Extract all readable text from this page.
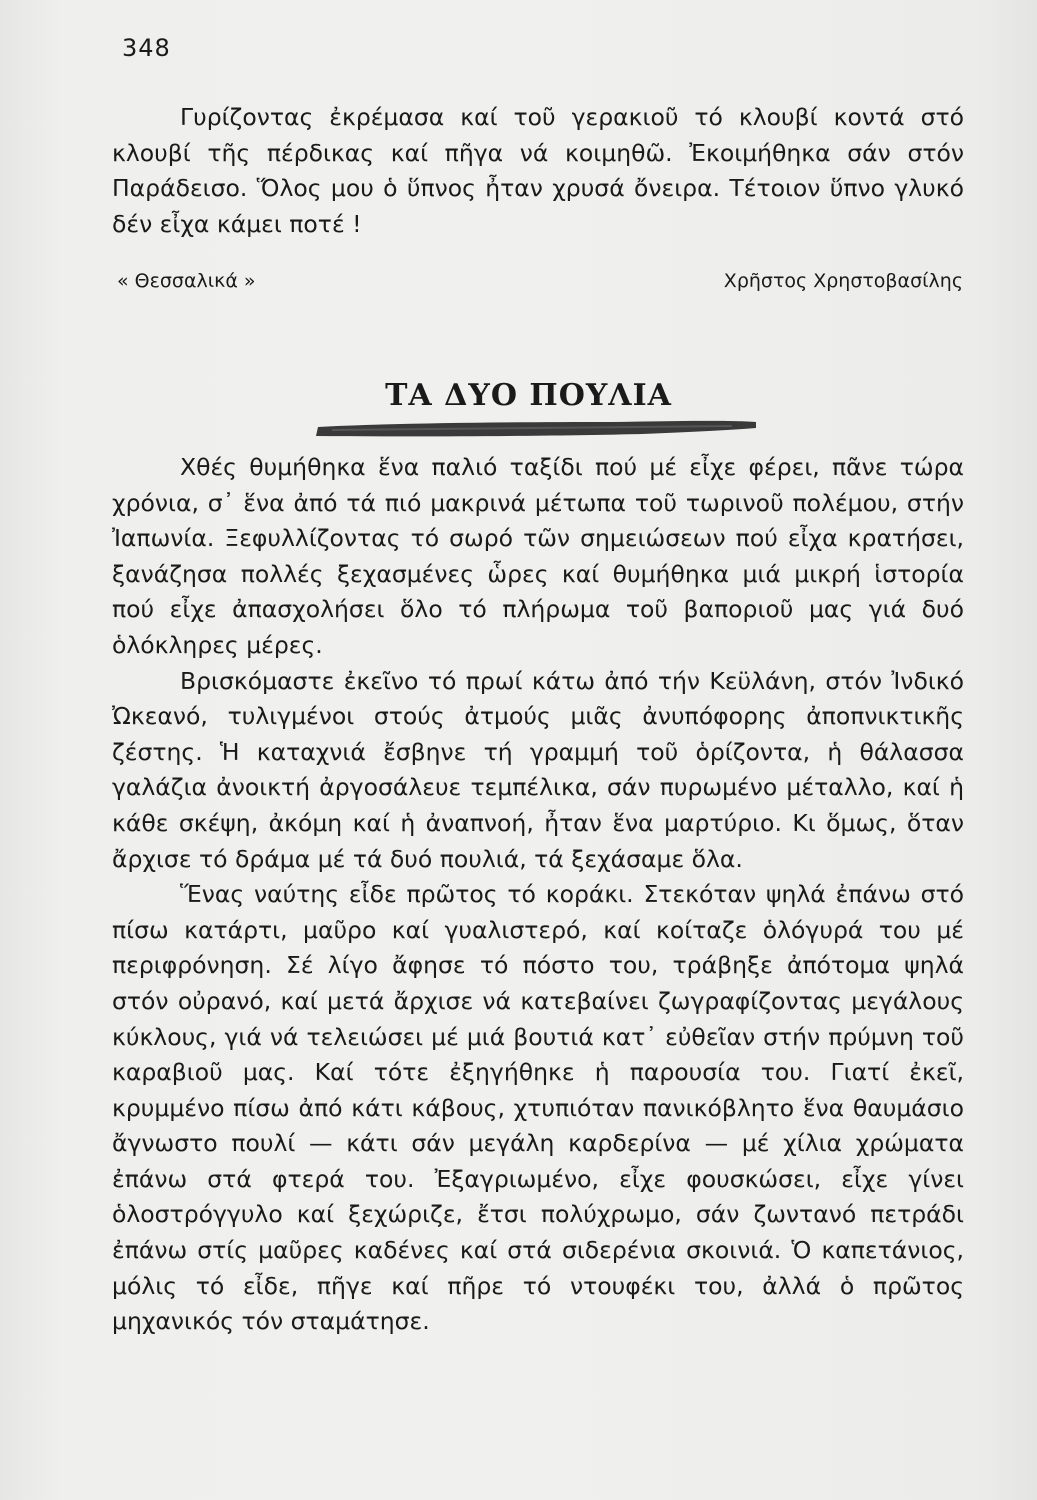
348

Γυρίζοντας ἐκρέμασα καί τοῦ γερακιοῦ τό κλουβί κοντά στό κλουβί τῆς πέρδικας καί πῆγα νά κοιμηθῶ. Ἐκοιμήθηκα σάν στόν Παράδεισο. Ὅλος μου ὁ ὕπνος ἦταν χρυσά ὄνειρα. Τέτοιον ὕπνο γλυκό δέν εἶχα κάμει ποτέ !

« Θεσσαλικά »	Χρῆστος Χρηστοβασίλης
ΤΑ ΔΥΟ ΠΟΥΛΙΑ

Χθές θυμήθηκα ἕνα παλιό ταξίδι πού μέ εἶχε φέρει, πᾶνε τώρα χρόνια, σ᾽ ἕνα ἀπό τά πιό μακρινά μέτωπα τοῦ τωρινοῦ πολέμου, στήν Ἰαπωνία. Ξεφυλλίζοντας τό σωρό τῶν σημειώσεων πού εἶχα κρατήσει, ξανάζησα πολλές ξεχασμένες ὧρες καί θυμήθηκα μιά μικρή ἱστορία πού εἶχε ἀπασχολήσει ὅλο τό πλήρωμα τοῦ βαποριοῦ μας γιά δυό ὁλόκληρες μέρες.

Βρισκόμαστε ἐκεῖνο τό πρωί κάτω ἀπό τήν Κεϋλάνη, στόν Ἰνδικό Ὠκεανό, τυλιγμένοι στούς ἀτμούς μιᾶς ἀνυπόφορης ἀποπνικτικῆς ζέστης. Ἡ καταχνιά ἔσβηνε τή γραμμή τοῦ ὁρίζοντα, ἡ θάλασσα γαλάζια ἀνοικτή ἀργοσάλευε τεμπέλικα, σάν πυρωμένο μέταλλο, καί ἡ κάθε σκέψη, ἀκόμη καί ἡ ἀναπνοή, ἦταν ἕνα μαρτύριο. Κι ὅμως, ὅταν ἄρχισε τό δράμα μέ τά δυό πουλιά, τά ξεχάσαμε ὅλα.

Ἕνας ναύτης εἶδε πρῶτος τό κοράκι. Στεκόταν ψηλά ἐπάνω στό πίσω κατάρτι, μαῦρο καί γυαλιστερό, καί κοίταζε ὁλόγυρά του μέ περιφρόνηση. Σέ λίγο ἄφησε τό πόστο του, τράβηξε ἀπότομα ψηλά στόν οὐρανό, καί μετά ἄρχισε νά κατεβαίνει ζωγραφίζοντας μεγάλους κύκλους, γιά νά τελειώσει μέ μιά βουτιά κατ᾽ εὐθεῖαν στήν πρύμνη τοῦ καραβιοῦ μας. Καί τότε ἐξηγήθηκε ἡ παρουσία του. Γιατί ἐκεῖ, κρυμμένο πίσω ἀπό κάτι κάβους, χτυπιόταν πανικόβλητο ἕνα θαυμάσιο ἄγνωστο πουλί — κάτι σάν μεγάλη καρδερίνα — μέ χίλια χρώματα ἐπάνω στά φτερά του. Ἐξαγριωμένο, εἶχε φουσκώσει, εἶχε γίνει ὁλοστρόγγυλο καί ξεχώριζε, ἔτσι πολύχρωμο, σάν ζωντανό πετράδι ἐπάνω στίς μαῦρες καδένες καί στά σιδερένια σκοινιά. Ὁ καπετάνιος, μόλις τό εἶδε, πῆγε καί πῆρε τό ντουφέκι του, ἀλλά ὁ πρῶτος μηχανικός τόν σταμάτησε.
